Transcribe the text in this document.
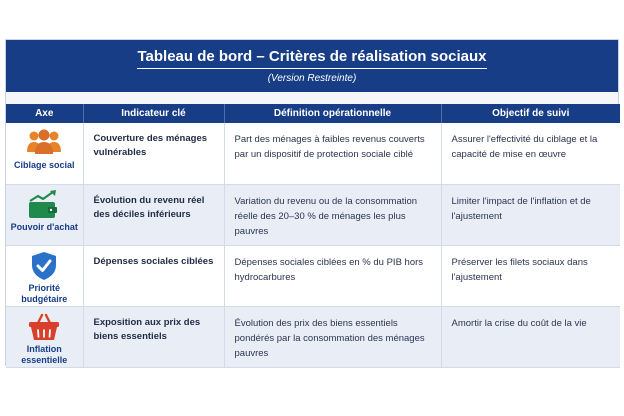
Tableau de bord – Critères de réalisation sociaux
(Version Restreinte)
Axe	Indicateur clé	Définition opérationnelle	Objectif de suivi

Ciblage social	Couverture des ménages vulnérables	Part des ménages à faibles revenus couverts par un dispositif de protection sociale ciblé	Assurer l'effectivité du ciblage et la capacité de mise en œuvre

Pouvoir d'achat	Évolution du revenu réel des déciles inférieurs	Variation du revenu ou de la consommation réelle des 20–30 % de ménages les plus pauvres	Limiter l'impact de l'inflation et de l'ajustement

Priorité budgétaire	Dépenses sociales ciblées	Dépenses sociales ciblées en % du PIB hors hydrocarbures	Préserver les filets sociaux dans l'ajustement

Inflation essentielle	Exposition aux prix des biens essentiels	Évolution des prix des biens essentiels pondérés par la consommation des ménages pauvres	Amortir la crise du coût de la vie
